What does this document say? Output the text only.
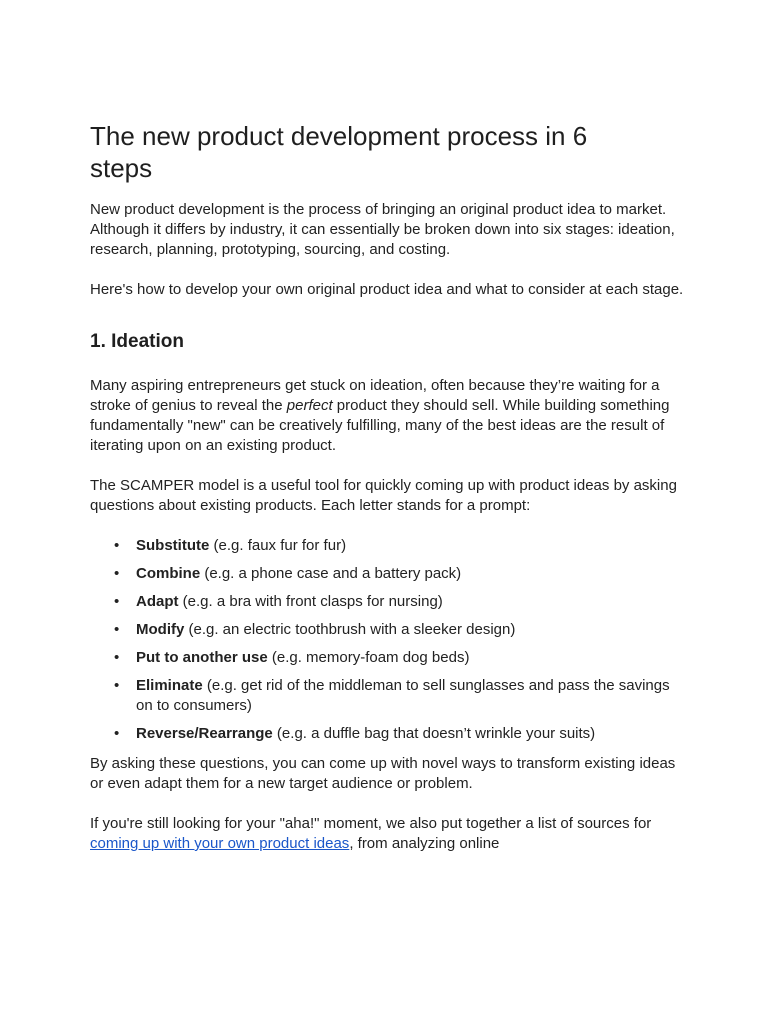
The new product development process in 6 steps

New product development is the process of bringing an original product idea to market. Although it differs by industry, it can essentially be broken down into six stages: ideation, research, planning, prototyping, sourcing, and costing.

Here's how to develop your own original product idea and what to consider at each stage.

1. Ideation

Many aspiring entrepreneurs get stuck on ideation, often because they’re waiting for a stroke of genius to reveal the perfect product they should sell. While building something fundamentally "new" can be creatively fulfilling, many of the best ideas are the result of iterating upon on an existing product.

The SCAMPER model is a useful tool for quickly coming up with product ideas by asking questions about existing products. Each letter stands for a prompt:

• Substitute (e.g. faux fur for fur)
• Combine (e.g. a phone case and a battery pack)
• Adapt (e.g. a bra with front clasps for nursing)
• Modify (e.g. an electric toothbrush with a sleeker design)
• Put to another use (e.g. memory-foam dog beds)
• Eliminate (e.g. get rid of the middleman to sell sunglasses and pass the savings on to consumers)
• Reverse/Rearrange (e.g. a duffle bag that doesn’t wrinkle your suits)

By asking these questions, you can come up with novel ways to transform existing ideas or even adapt them for a new target audience or problem.

If you're still looking for your "aha!" moment, we also put together a list of sources for coming up with your own product ideas, from analyzing online
